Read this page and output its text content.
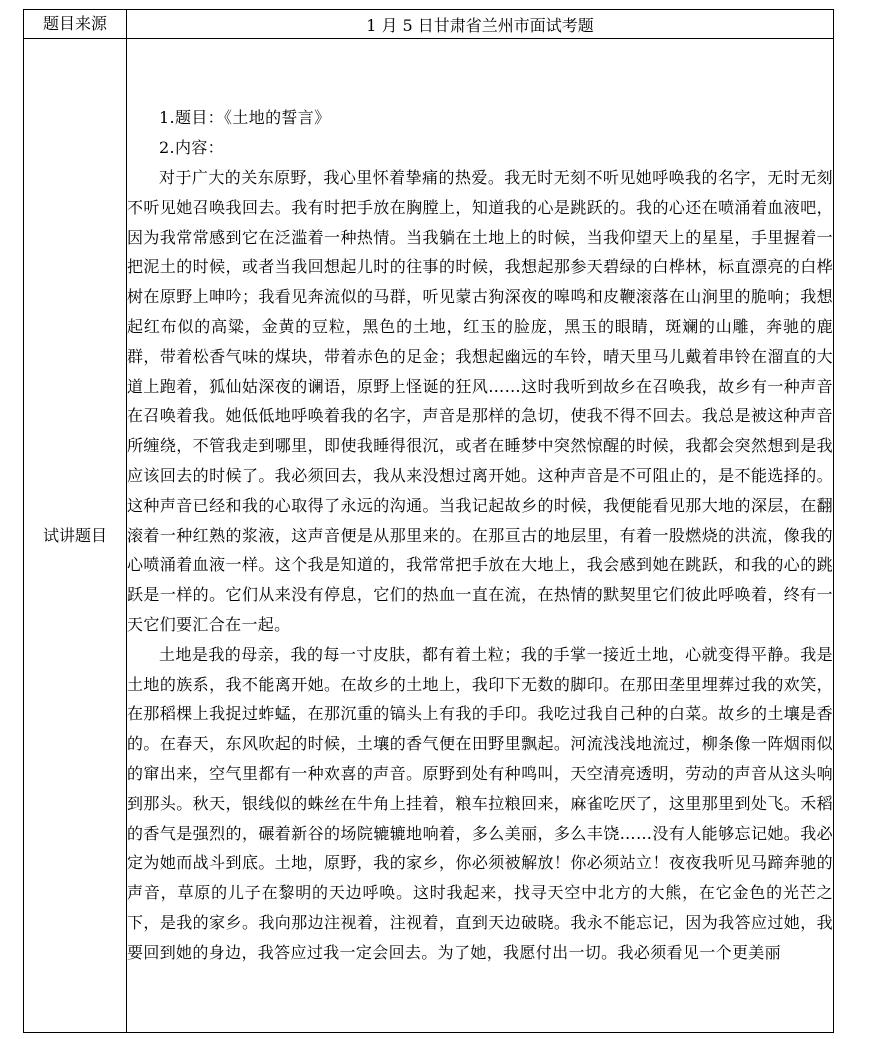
题目来源	1 月 5 日甘肃省兰州市面试考题
试讲题目	1.题目：《土地的誓言》

2.内容：

对于广大的关东原野，我心里怀着挚痛的热爱。我无时无刻不听见她呼唤我的名字，无时无刻不听见她召唤我回去。我有时把手放在胸膛上，知道我的心是跳跃的。我的心还在喷涌着血液吧，因为我常常感到它在泛滥着一种热情。当我躺在土地上的时候，当我仰望天上的星星，手里握着一把泥土的时候，或者当我回想起儿时的往事的时候，我想起那参天碧绿的白桦林，标直漂亮的白桦树在原野上呻吟；我看见奔流似的马群，听见蒙古狗深夜的嗥鸣和皮鞭滚落在山涧里的脆响；我想起红布似的高粱，金黄的豆粒，黑色的土地，红玉的脸庞，黑玉的眼睛，斑斓的山雕，奔驰的鹿群，带着松香气味的煤块，带着赤色的足金；我想起幽远的车铃，晴天里马儿戴着串铃在溜直的大道上跑着，狐仙姑深夜的谰语，原野上怪诞的狂风……这时我听到故乡在召唤我，故乡有一种声音在召唤着我。她低低地呼唤着我的名字，声音是那样的急切，使我不得不回去。我总是被这种声音所缠绕，不管我走到哪里，即使我睡得很沉，或者在睡梦中突然惊醒的时候，我都会突然想到是我应该回去的时候了。我必须回去，我从来没想过离开她。这种声音是不可阻止的，是不能选择的。这种声音已经和我的心取得了永远的沟通。当我记起故乡的时候，我便能看见那大地的深层，在翻滚着一种红熟的浆液，这声音便是从那里来的。在那亘古的地层里，有着一股燃烧的洪流，像我的心喷涌着血液一样。这个我是知道的，我常常把手放在大地上，我会感到她在跳跃，和我的心的跳跃是一样的。它们从来没有停息，它们的热血一直在流，在热情的默契里它们彼此呼唤着，终有一天它们要汇合在一起。

土地是我的母亲，我的每一寸皮肤，都有着土粒；我的手掌一接近土地，心就变得平静。我是土地的族系，我不能离开她。在故乡的土地上，我印下无数的脚印。在那田垄里埋葬过我的欢笑，在那稻棵上我捉过蚱蜢，在那沉重的镐头上有我的手印。我吃过我自己种的白菜。故乡的土壤是香的。在春天，东风吹起的时候，土壤的香气便在田野里飘起。河流浅浅地流过，柳条像一阵烟雨似的窜出来，空气里都有一种欢喜的声音。原野到处有种鸣叫，天空清亮透明，劳动的声音从这头响到那头。秋天，银线似的蛛丝在牛角上挂着，粮车拉粮回来，麻雀吃厌了，这里那里到处飞。禾稻的香气是强烈的，碾着新谷的场院辘辘地响着，多么美丽，多么丰饶……没有人能够忘记她。我必定为她而战斗到底。土地，原野，我的家乡，你必须被解放！你必须站立！夜夜我听见马蹄奔驰的声音，草原的儿子在黎明的天边呼唤。这时我起来，找寻天空中北方的大熊，在它金色的光芒之下，是我的家乡。我向那边注视着，注视着，直到天边破晓。我永不能忘记，因为我答应过她，我要回到她的身边，我答应过我一定会回去。为了她，我愿付出一切。我必须看见一个更美丽
